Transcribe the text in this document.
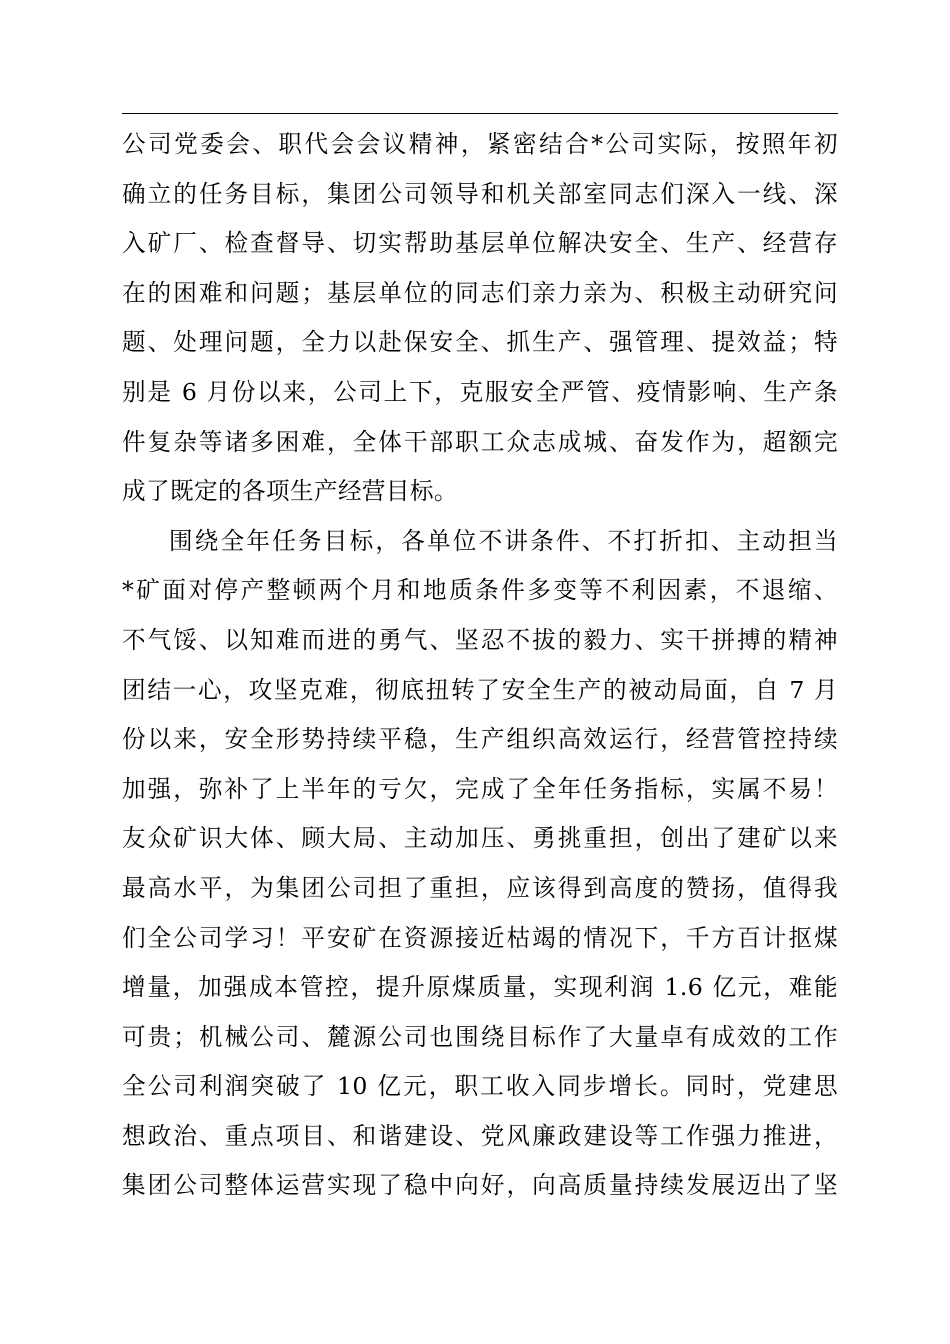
公司党委会、职代会会议精神，紧密结合*公司实际，按照年初
确立的任务目标，集团公司领导和机关部室同志们深入一线、深
入矿厂、检查督导、切实帮助基层单位解决安全、生产、经营存
在的困难和问题；基层单位的同志们亲力亲为、积极主动研究问
题、处理问题，全力以赴保安全、抓生产、强管理、提效益；特
别是 6 月份以来，公司上下，克服安全严管、疫情影响、生产条
件复杂等诸多困难，全体干部职工众志成城、奋发作为，超额完
成了既定的各项生产经营目标。
围绕全年任务目标，各单位不讲条件、不打折扣、主动担当
*矿面对停产整顿两个月和地质条件多变等不利因素，不退缩、
不气馁、以知难而进的勇气、坚忍不拔的毅力、实干拼搏的精神
团结一心，攻坚克难，彻底扭转了安全生产的被动局面，自 7 月
份以来，安全形势持续平稳，生产组织高效运行，经营管控持续
加强，弥补了上半年的亏欠，完成了全年任务指标，实属不易！
友众矿识大体、顾大局、主动加压、勇挑重担，创出了建矿以来
最高水平，为集团公司担了重担，应该得到高度的赞扬，值得我
们全公司学习！平安矿在资源接近枯竭的情况下，千方百计抠煤
增量，加强成本管控，提升原煤质量，实现利润 1.6 亿元，难能
可贵；机械公司、麓源公司也围绕目标作了大量卓有成效的工作
全公司利润突破了 10 亿元，职工收入同步增长。同时，党建思
想政治、重点项目、和谐建设、党风廉政建设等工作强力推进，
集团公司整体运营实现了稳中向好，向高质量持续发展迈出了坚
